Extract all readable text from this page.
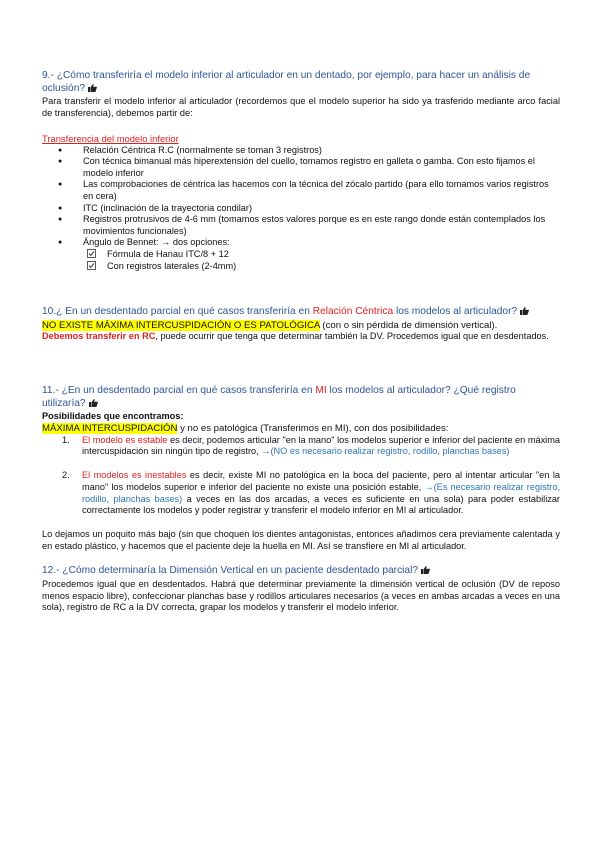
9.- ¿Cómo transferiría el modelo inferior al articulador en un dentado, por ejemplo, para hacer un análisis de oclusión?

Para transferir el modelo inferior al articulador (recordemos que el modelo superior ha sido ya trasferido mediante arco facial de transferencia), debemos partir de:

Transferencia del modelo inferior

● Relación Céntrica R.C (normalmente se toman 3 registros)
● Con técnica bimanual más hiperextensión del cuello, tomamos registro en galleta o gamba. Con esto fijamos el modelo inferior
● Las comprobaciones de céntrica las hacemos con la técnica del zócalo partido (para ello tomamos varios registros en cera)
● ITC (inclinación de la trayectoria condilar)
● Registros protrusivos de 4-6 mm (tomamos estos valores porque es en este rango donde están contemplados los movimientos funcionales)
● Ángulo de Bennet: → dos opciones:
Fórmula de Hanau ITC/8 + 12
Con registros laterales (2-4mm)

10.¿ En un desdentado parcial en qué casos transferiría en Relación Céntrica los modelos al articulador?

NO EXISTE MÁXIMA INTERCUSPIDACIÓN O ES PATOLÓGICA (con o sin pérdida de dimensión vertical).

Debemos transferir en RC, puede ocurrir que tenga que determinar también la DV. Procedemos igual que en desdentados.

11.- ¿En un desdentado parcial en qué casos transferiría en MI los modelos al articulador? ¿Qué registro utilizaría?

Posibilidades que encontramos:

MÁXIMA INTERCUSPIDACIÓN y no es patológica (Transferimos en MI), con dos posibilidades:

1. El modelo es estable es decir, podemos articular "en la mano" los modelos superior e inferior del paciente en máxima intercuspidación sin ningún tipo de registro, →(NO es necesario realizar registro, rodillo, planchas bases)
2. El modelos es inestables es decir, existe MI no patológica en la boca del paciente, pero al intentar articular "en la mano" los modelos superior e inferior del paciente no existe una posición estable, →(Es necesario realizar registro, rodillo, planchas bases) a veces en las dos arcadas, a veces es suficiente en una sola) para poder estabilizar correctamente los modelos y poder registrar y transferir el modelo inferior en MI al articulador.

Lo dejamos un poquito más bajo (sin que choquen los dientes antagonistas, entonces añadimos cera previamente calentada y en estado plástico, y hacemos que el paciente deje la huella en MI. Así se transfiere en MI al articulador.

12.- ¿Cómo determinaría la Dimensión Vertical en un paciente desdentado parcial?

Procedemos igual que en desdentados. Habrá que determinar previamente la dimensión vertical de oclusión (DV de reposo menos espacio libre), confeccionar planchas base y rodillos articulares necesarios (a veces en ambas arcadas a veces en una sola), registro de RC a la DV correcta, grapar los modelos y transferir el modelo inferior.
